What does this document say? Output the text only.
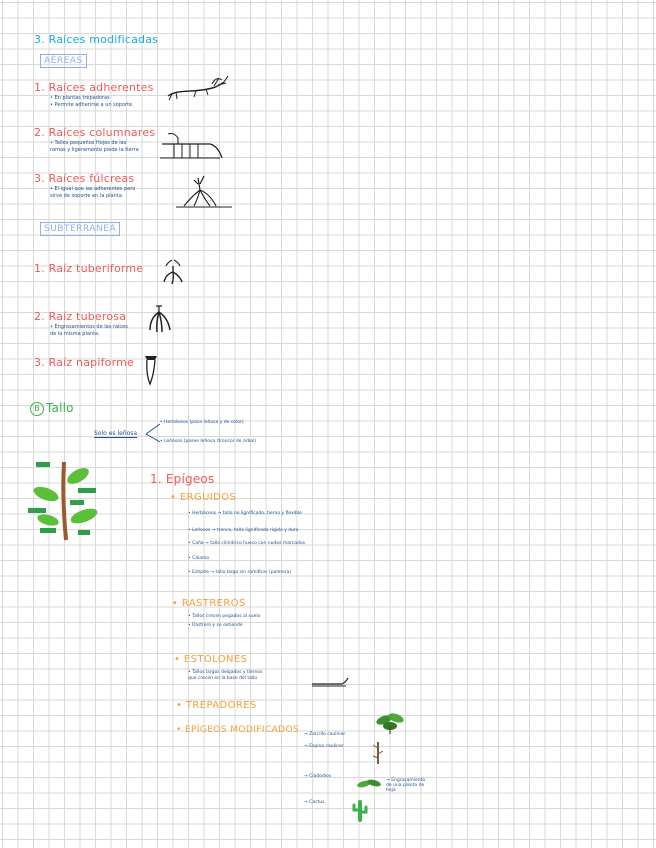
3. Raíces modificadas
AÉREAS
1. Raíces adherentes
• En plantas trepadoras
• Permite adherirse a un soporte.
2. Raíces columnares
• Tallos pequeños Hojas de las
ramas y ligeramente piede la tierra
3. Raíces fúlcreas
• El igual que las adherentes pero
sirve de soporte en la planta.
SUBTERRANEA
1. Raíz tuberiforme
2. Raíz tuberosa
• Engrosamientos de las raíces
de la misma planta.
3. Raíz napiforme
B Tallo
Solo es leñosa
• Herbáceos (poca leñosa y de color)
• Leñosos (posee leñosa (tronco) de árbol)
1. Epígeos
• ERGUIDOS
• Herbáceos → tallo no lignificado, tierno y flexible
• Leñosos → tronco, tallo lignificado rígido y duro
• Caña → tallo cilíndrico hueco con nudos marcados.
• Cálamo
• Estípite → tallo largo sin ramificar (palmera)
• RASTREROS
• Tallos crecen pegados al suelo
• Rastrero y se extiende
• ESTOLONES
• Tallos largos delgados y tiernos
que crecen en la base del tallo
• TREPADORES
• EPÍGEOS MODIFICADOS → Zarcillo caulinar
→ Espina caulinar
→ Cladodios
→ Cactus
→ Engrosamiento de una planta de hoja
